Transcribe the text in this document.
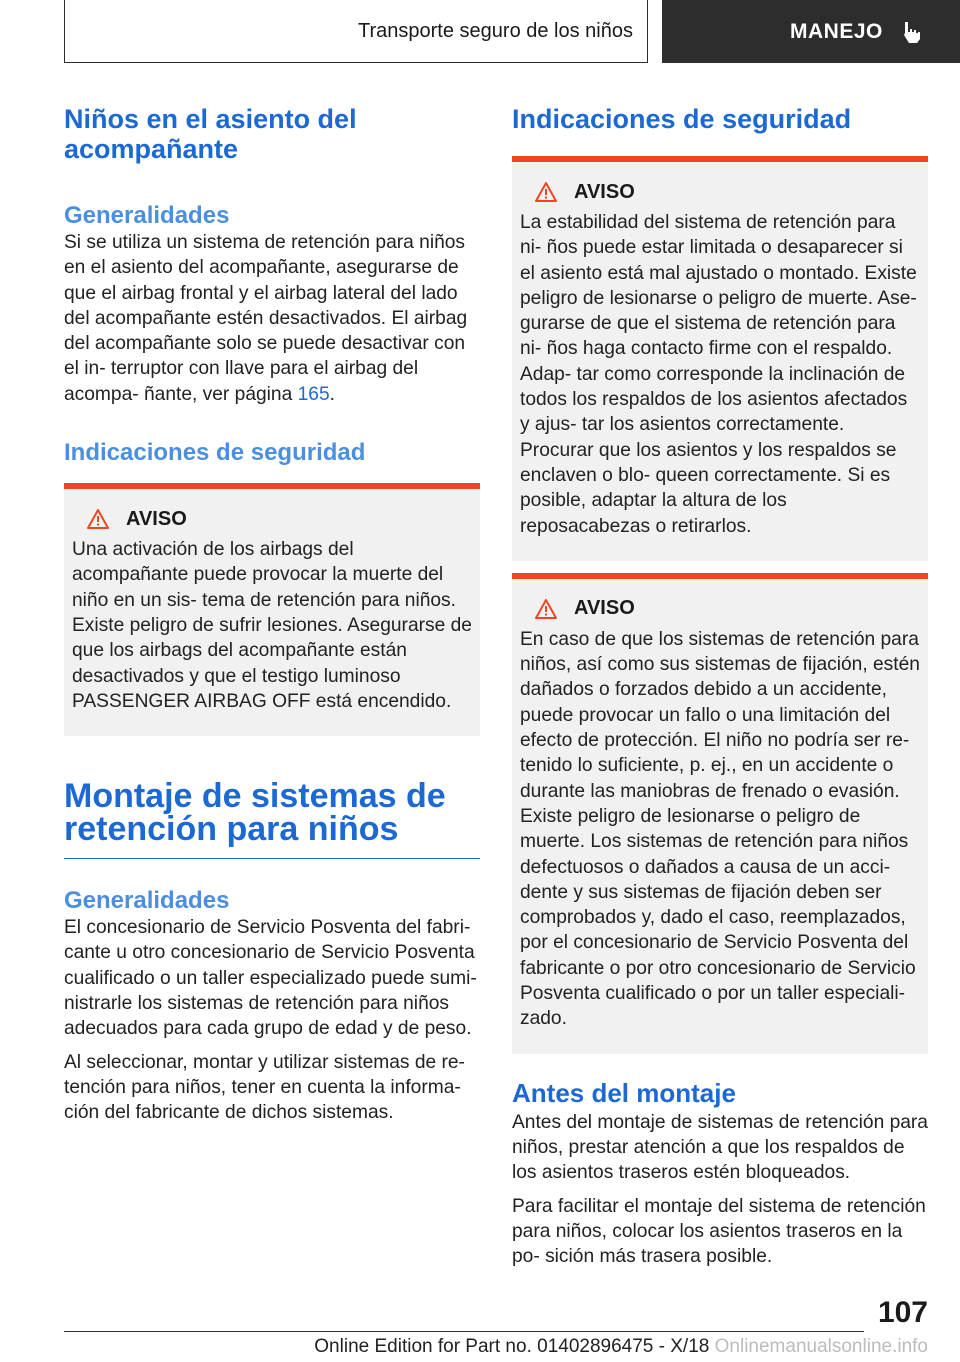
Transporte seguro de los niños	MANEJO
Niños en el asiento del acompañante
Generalidades

Si se utiliza un sistema de retención para niños en el asiento del acompañante, asegurarse de que el airbag frontal y el airbag lateral del lado del acompañante estén desactivados. El airbag del acompañante solo se puede desactivar con el in‐ terruptor con llave para el airbag del acompa‐ ñante, ver página 165.

Indicaciones de seguridad
AVISO

Una activación de los airbags del acompañante puede provocar la muerte del niño en un sis‐ tema de retención para niños. Existe peligro de sufrir lesiones. Asegurarse de que los airbags del acompañante están desactivados y que el testigo luminoso PASSENGER AIRBAG OFF está encendido.

Montaje de sistemas de retención para niños
Generalidades

El concesionario de Servicio Posventa del fabri‐ cante u otro concesionario de Servicio Posventa cualificado o un taller especializado puede sumi‐ nistrarle los sistemas de retención para niños adecuados para cada grupo de edad y de peso.

Al seleccionar, montar y utilizar sistemas de re‐ tención para niños, tener en cuenta la informa‐ ción del fabricante de dichos sistemas.

Indicaciones de seguridad
AVISO

La estabilidad del sistema de retención para ni‐ ños puede estar limitada o desaparecer si el asiento está mal ajustado o montado. Existe peligro de lesionarse o peligro de muerte. Ase‐ gurarse de que el sistema de retención para ni‐ ños haga contacto firme con el respaldo. Adap‐ tar como corresponde la inclinación de todos los respaldos de los asientos afectados y ajus‐ tar los asientos correctamente. Procurar que los asientos y los respaldos se enclaven o blo‐ queen correctamente. Si es posible, adaptar la altura de los reposacabezas o retirarlos.

AVISO

En caso de que los sistemas de retención para niños, así como sus sistemas de fijación, estén dañados o forzados debido a un accidente, puede provocar un fallo o una limitación del efecto de protección. El niño no podría ser re‐ tenido lo suficiente, p. ej., en un accidente o durante las maniobras de frenado o evasión. Existe peligro de lesionarse o peligro de muerte. Los sistemas de retención para niños defectuosos o dañados a causa de un acci‐ dente y sus sistemas de fijación deben ser comprobados y, dado el caso, reemplazados, por el concesionario de Servicio Posventa del fabricante o por otro concesionario de Servicio Posventa cualificado o por un taller especiali‐ zado.

Antes del montaje

Antes del montaje de sistemas de retención para niños, prestar atención a que los respaldos de los asientos traseros estén bloqueados.

Para facilitar el montaje del sistema de retención para niños, colocar los asientos traseros en la po‐ sición más trasera posible.

107
Online Edition for Part no. 01402896475 - X/18 Onlinemanualsonline.info
